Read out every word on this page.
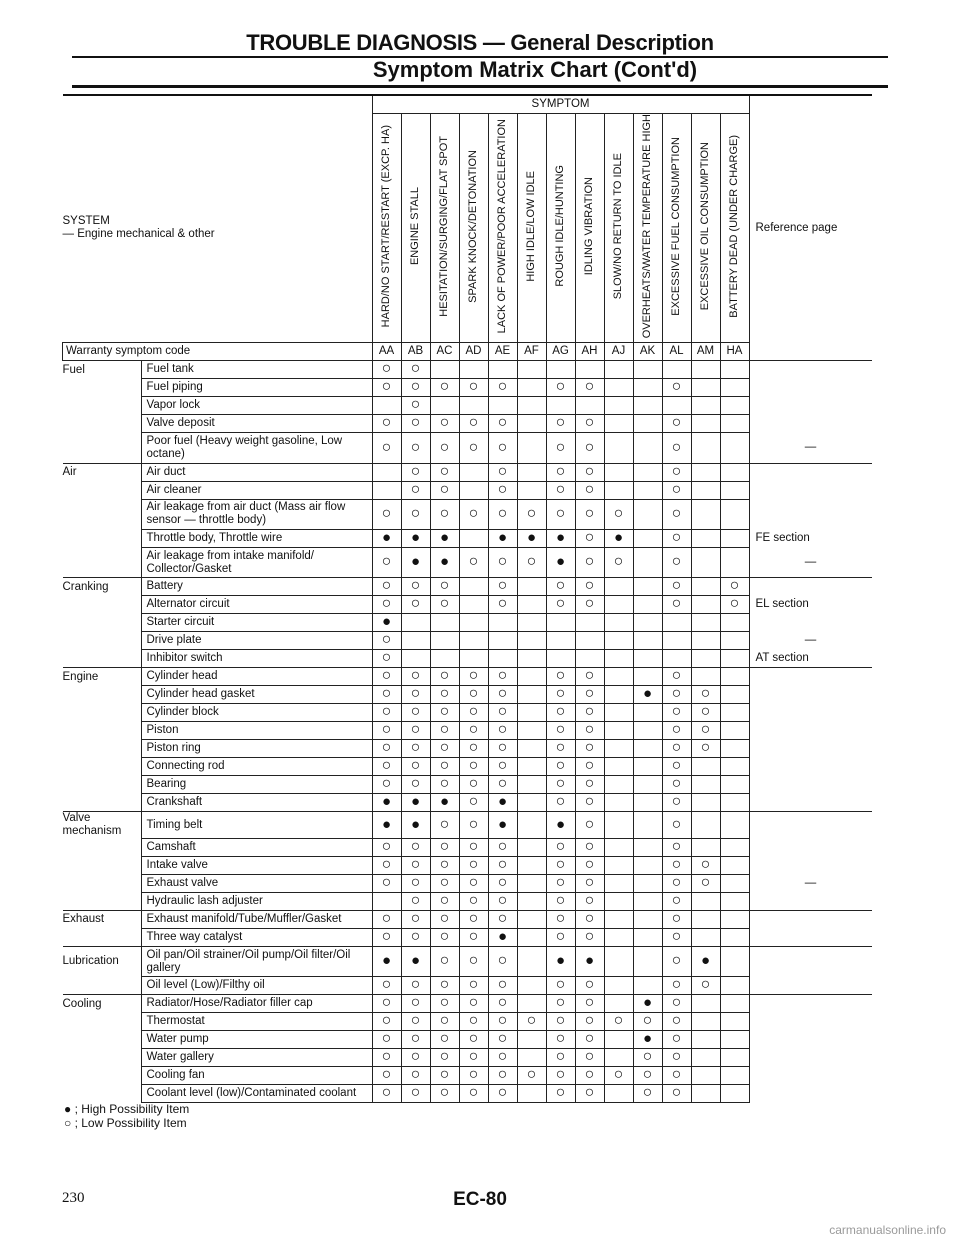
TROUBLE DIAGNOSIS — General Description
Symptom Matrix Chart (Cont'd)
		SYMPTOM													

SYSTEM
— Engine mechanical & other		HARD/NO START/RESTART (EXCP. HA)	ENGINE STALL	HESITATION/SURGING/FLAT SPOT	SPARK KNOCK/DETONATION	LACK OF POWER/POOR ACCELERATION	HIGH IDLE/LOW IDLE	ROUGH IDLE/HUNTING	IDLING VIBRATION	SLOW/NO RETURN TO IDLE	OVERHEATS/WATER TEMPERATURE HIGH	EXCESSIVE FUEL CONSUMPTION	EXCESSIVE OIL CONSUMPTION	BATTERY DEAD (UNDER CHARGE)	Reference page
Warranty symptom code		AA	AB	AC	AD	AE	AF	AG	AH	AJ	AK	AL	AM	HA	
Fuel	Fuel tank	○	○												
	Fuel piping	○	○	○	○	○		○	○			○			
	Vapor lock		○												
	Valve deposit	○	○	○	○	○		○	○			○			
	Poor fuel (Heavy weight gasoline, Low octane)	○	○	○	○	○		○	○			○			—
Air	Air duct		○	○		○		○	○			○			
	Air cleaner		○	○		○		○	○			○			
	Air leakage from air duct (Mass air flow sensor — throttle body)	○	○	○	○	○	○	○	○	○		○			
	Throttle body, Throttle wire	●	●	●		●	●	●	○	●		○			FE section
	Air leakage from intake manifold/ Collector/Gasket	○	●	●	○	○	○	●	○	○		○			—
Cranking	Battery	○	○	○		○		○	○			○		○	
	Alternator circuit	○	○	○		○		○	○			○		○	EL section
	Starter circuit	●													
	Drive plate	○													—
	Inhibitor switch	○													AT section
Engine	Cylinder head	○	○	○	○	○		○	○			○			
	Cylinder head gasket	○	○	○	○	○		○	○		●	○	○		
	Cylinder block	○	○	○	○	○		○	○			○	○		
	Piston	○	○	○	○	○		○	○			○	○		
	Piston ring	○	○	○	○	○		○	○			○	○		
	Connecting rod	○	○	○	○	○		○	○			○			
	Bearing	○	○	○	○	○		○	○			○			
	Crankshaft	●	●	●	○	●		○	○			○			
Valve mechanism	Timing belt	●	●	○	○	●		●	○			○			
	Camshaft	○	○	○	○	○		○	○			○			
	Intake valve	○	○	○	○	○		○	○			○	○		
	Exhaust valve	○	○	○	○	○		○	○			○	○		—
	Hydraulic lash adjuster		○	○	○	○		○	○			○			
Exhaust	Exhaust manifold/Tube/Muffler/Gasket	○	○	○	○	○		○	○			○			
	Three way catalyst	○	○	○	○	●		○	○			○			
Lubrication	Oil pan/Oil strainer/Oil pump/Oil filter/Oil gallery	●	●	○	○	○		●	●			○	●		
	Oil level (Low)/Filthy oil	○	○	○	○	○		○	○			○	○		
Cooling	Radiator/Hose/Radiator filler cap	○	○	○	○	○		○	○		●	○			
	Thermostat	○	○	○	○	○	○	○	○	○	○	○			
	Water pump	○	○	○	○	○		○	○		●	○			
	Water gallery	○	○	○	○	○		○	○		○	○			
	Cooling fan	○	○	○	○	○	○	○	○	○	○	○			
	Coolant level (low)/Contaminated coolant	○	○	○	○	○		○	○		○	○			
● ; High Possibility Item
○ ; Low Possibility Item
230	EC-80
carmanualsonline.info
